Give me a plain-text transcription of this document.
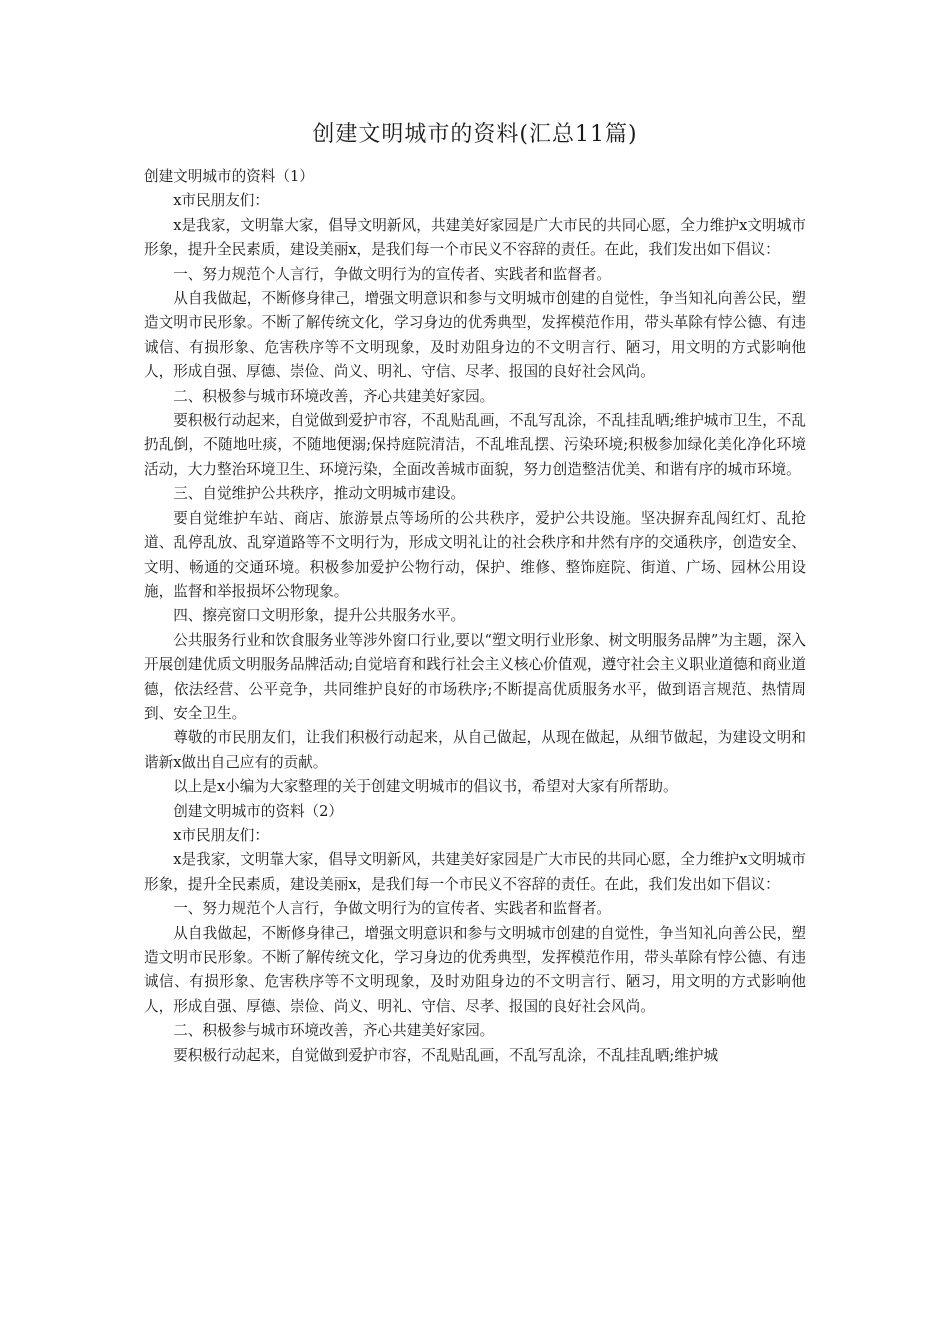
创建文明城市的资料(汇总11篇)

创建文明城市的资料（1）

x市民朋友们：

x是我家，文明靠大家，倡导文明新风，共建美好家园是广大市民的共同心愿，全力维护x文明城市形象，提升全民素质，建设美丽x，是我们每一个市民义不容辞的责任。在此，我们发出如下倡议：

一、努力规范个人言行，争做文明行为的宣传者、实践者和监督者。

从自我做起，不断修身律己，增强文明意识和参与文明城市创建的自觉性，争当知礼向善公民，塑造文明市民形象。不断了解传统文化，学习身边的优秀典型，发挥模范作用，带头革除有悖公德、有违诚信、有损形象、危害秩序等不文明现象，及时劝阻身边的不文明言行、陋习，用文明的方式影响他人，形成自强、厚德、崇俭、尚义、明礼、守信、尽孝、报国的良好社会风尚。

二、积极参与城市环境改善，齐心共建美好家园。

要积极行动起来，自觉做到爱护市容，不乱贴乱画，不乱写乱涂，不乱挂乱晒;维护城市卫生，不乱扔乱倒，不随地吐痰，不随地便溺;保持庭院清洁，不乱堆乱摆、污染环境;积极参加绿化美化净化环境活动，大力整治环境卫生、环境污染，全面改善城市面貌，努力创造整洁优美、和谐有序的城市环境。

三、自觉维护公共秩序，推动文明城市建设。

要自觉维护车站、商店、旅游景点等场所的公共秩序，爱护公共设施。坚决摒弃乱闯红灯、乱抢道、乱停乱放、乱穿道路等不文明行为，形成文明礼让的社会秩序和井然有序的交通秩序，创造安全、文明、畅通的交通环境。积极参加爱护公物行动，保护、维修、整饰庭院、街道、广场、园林公用设施，监督和举报损坏公物现象。

四、擦亮窗口文明形象，提升公共服务水平。

公共服务行业和饮食服务业等涉外窗口行业,要以“塑文明行业形象、树文明服务品牌”为主题，深入开展创建优质文明服务品牌活动;自觉培育和践行社会主义核心价值观，遵守社会主义职业道德和商业道德，依法经营、公平竞争，共同维护良好的市场秩序;不断提高优质服务水平，做到语言规范、热情周到、安全卫生。

尊敬的市民朋友们，让我们积极行动起来，从自己做起，从现在做起，从细节做起，为建设文明和谐新x做出自己应有的贡献。

以上是x小编为大家整理的关于创建文明城市的倡议书，希望对大家有所帮助。

创建文明城市的资料（2）

x市民朋友们：

x是我家，文明靠大家，倡导文明新风，共建美好家园是广大市民的共同心愿，全力维护x文明城市形象，提升全民素质，建设美丽x，是我们每一个市民义不容辞的责任。在此，我们发出如下倡议：

一、努力规范个人言行，争做文明行为的宣传者、实践者和监督者。

从自我做起，不断修身律己，增强文明意识和参与文明城市创建的自觉性，争当知礼向善公民，塑造文明市民形象。不断了解传统文化，学习身边的优秀典型，发挥模范作用，带头革除有悖公德、有违诚信、有损形象、危害秩序等不文明现象，及时劝阻身边的不文明言行、陋习，用文明的方式影响他人，形成自强、厚德、崇俭、尚义、明礼、守信、尽孝、报国的良好社会风尚。

二、积极参与城市环境改善，齐心共建美好家园。

要积极行动起来，自觉做到爱护市容，不乱贴乱画，不乱写乱涂，不乱挂乱晒;维护城
